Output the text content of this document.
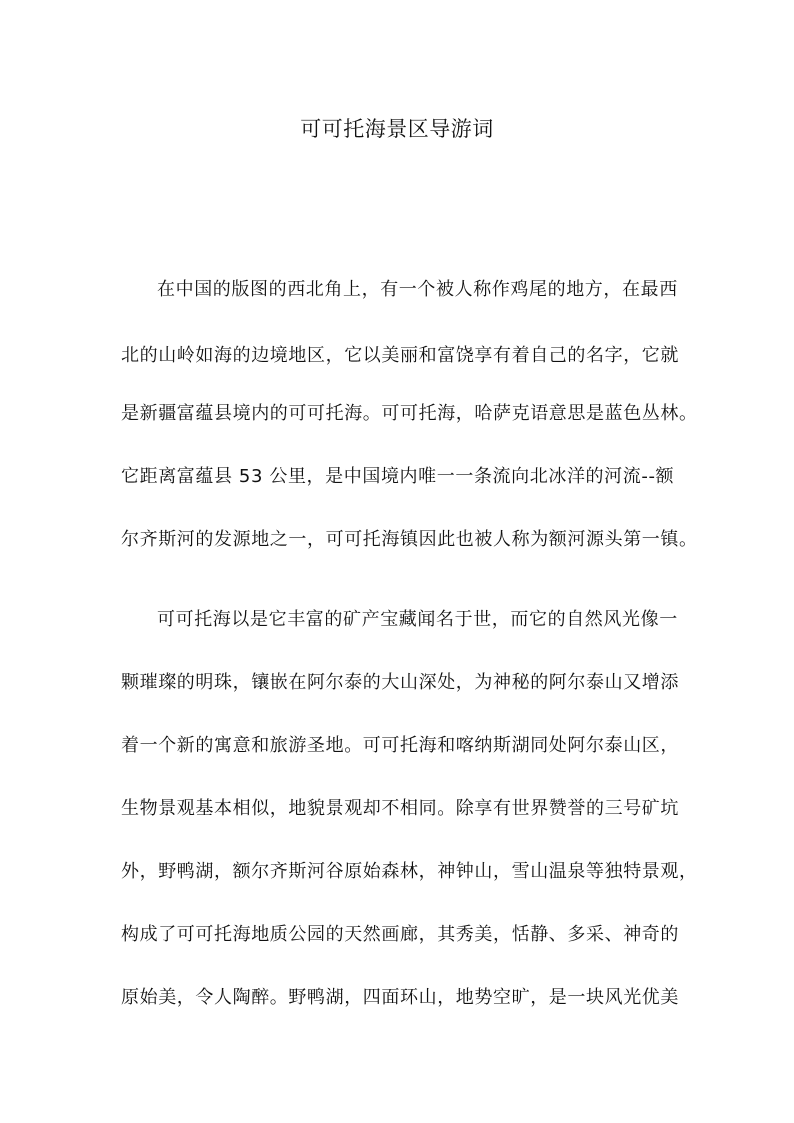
可可托海景区导游词
在中国的版图的西北角上，有一个被人称作鸡尾的地方，在最西
北的山岭如海的边境地区，它以美丽和富饶享有着自己的名字，它就
是新疆富蕴县境内的可可托海。可可托海，哈萨克语意思是蓝色丛林。
它距离富蕴县 53 公里，是中国境内唯一一条流向北冰洋的河流--额
尔齐斯河的发源地之一，可可托海镇因此也被人称为额河源头第一镇。
可可托海以是它丰富的矿产宝藏闻名于世，而它的自然风光像一
颗璀璨的明珠，镶嵌在阿尔泰的大山深处，为神秘的阿尔泰山又增添
着一个新的寓意和旅游圣地。可可托海和喀纳斯湖同处阿尔泰山区，
生物景观基本相似，地貌景观却不相同。除享有世界赞誉的三号矿坑
外，野鸭湖，额尔齐斯河谷原始森林，神钟山，雪山温泉等独特景观，
构成了可可托海地质公园的天然画廊，其秀美，恬静、多采、神奇的
原始美，令人陶醉。野鸭湖，四面环山，地势空旷，是一块风光优美
